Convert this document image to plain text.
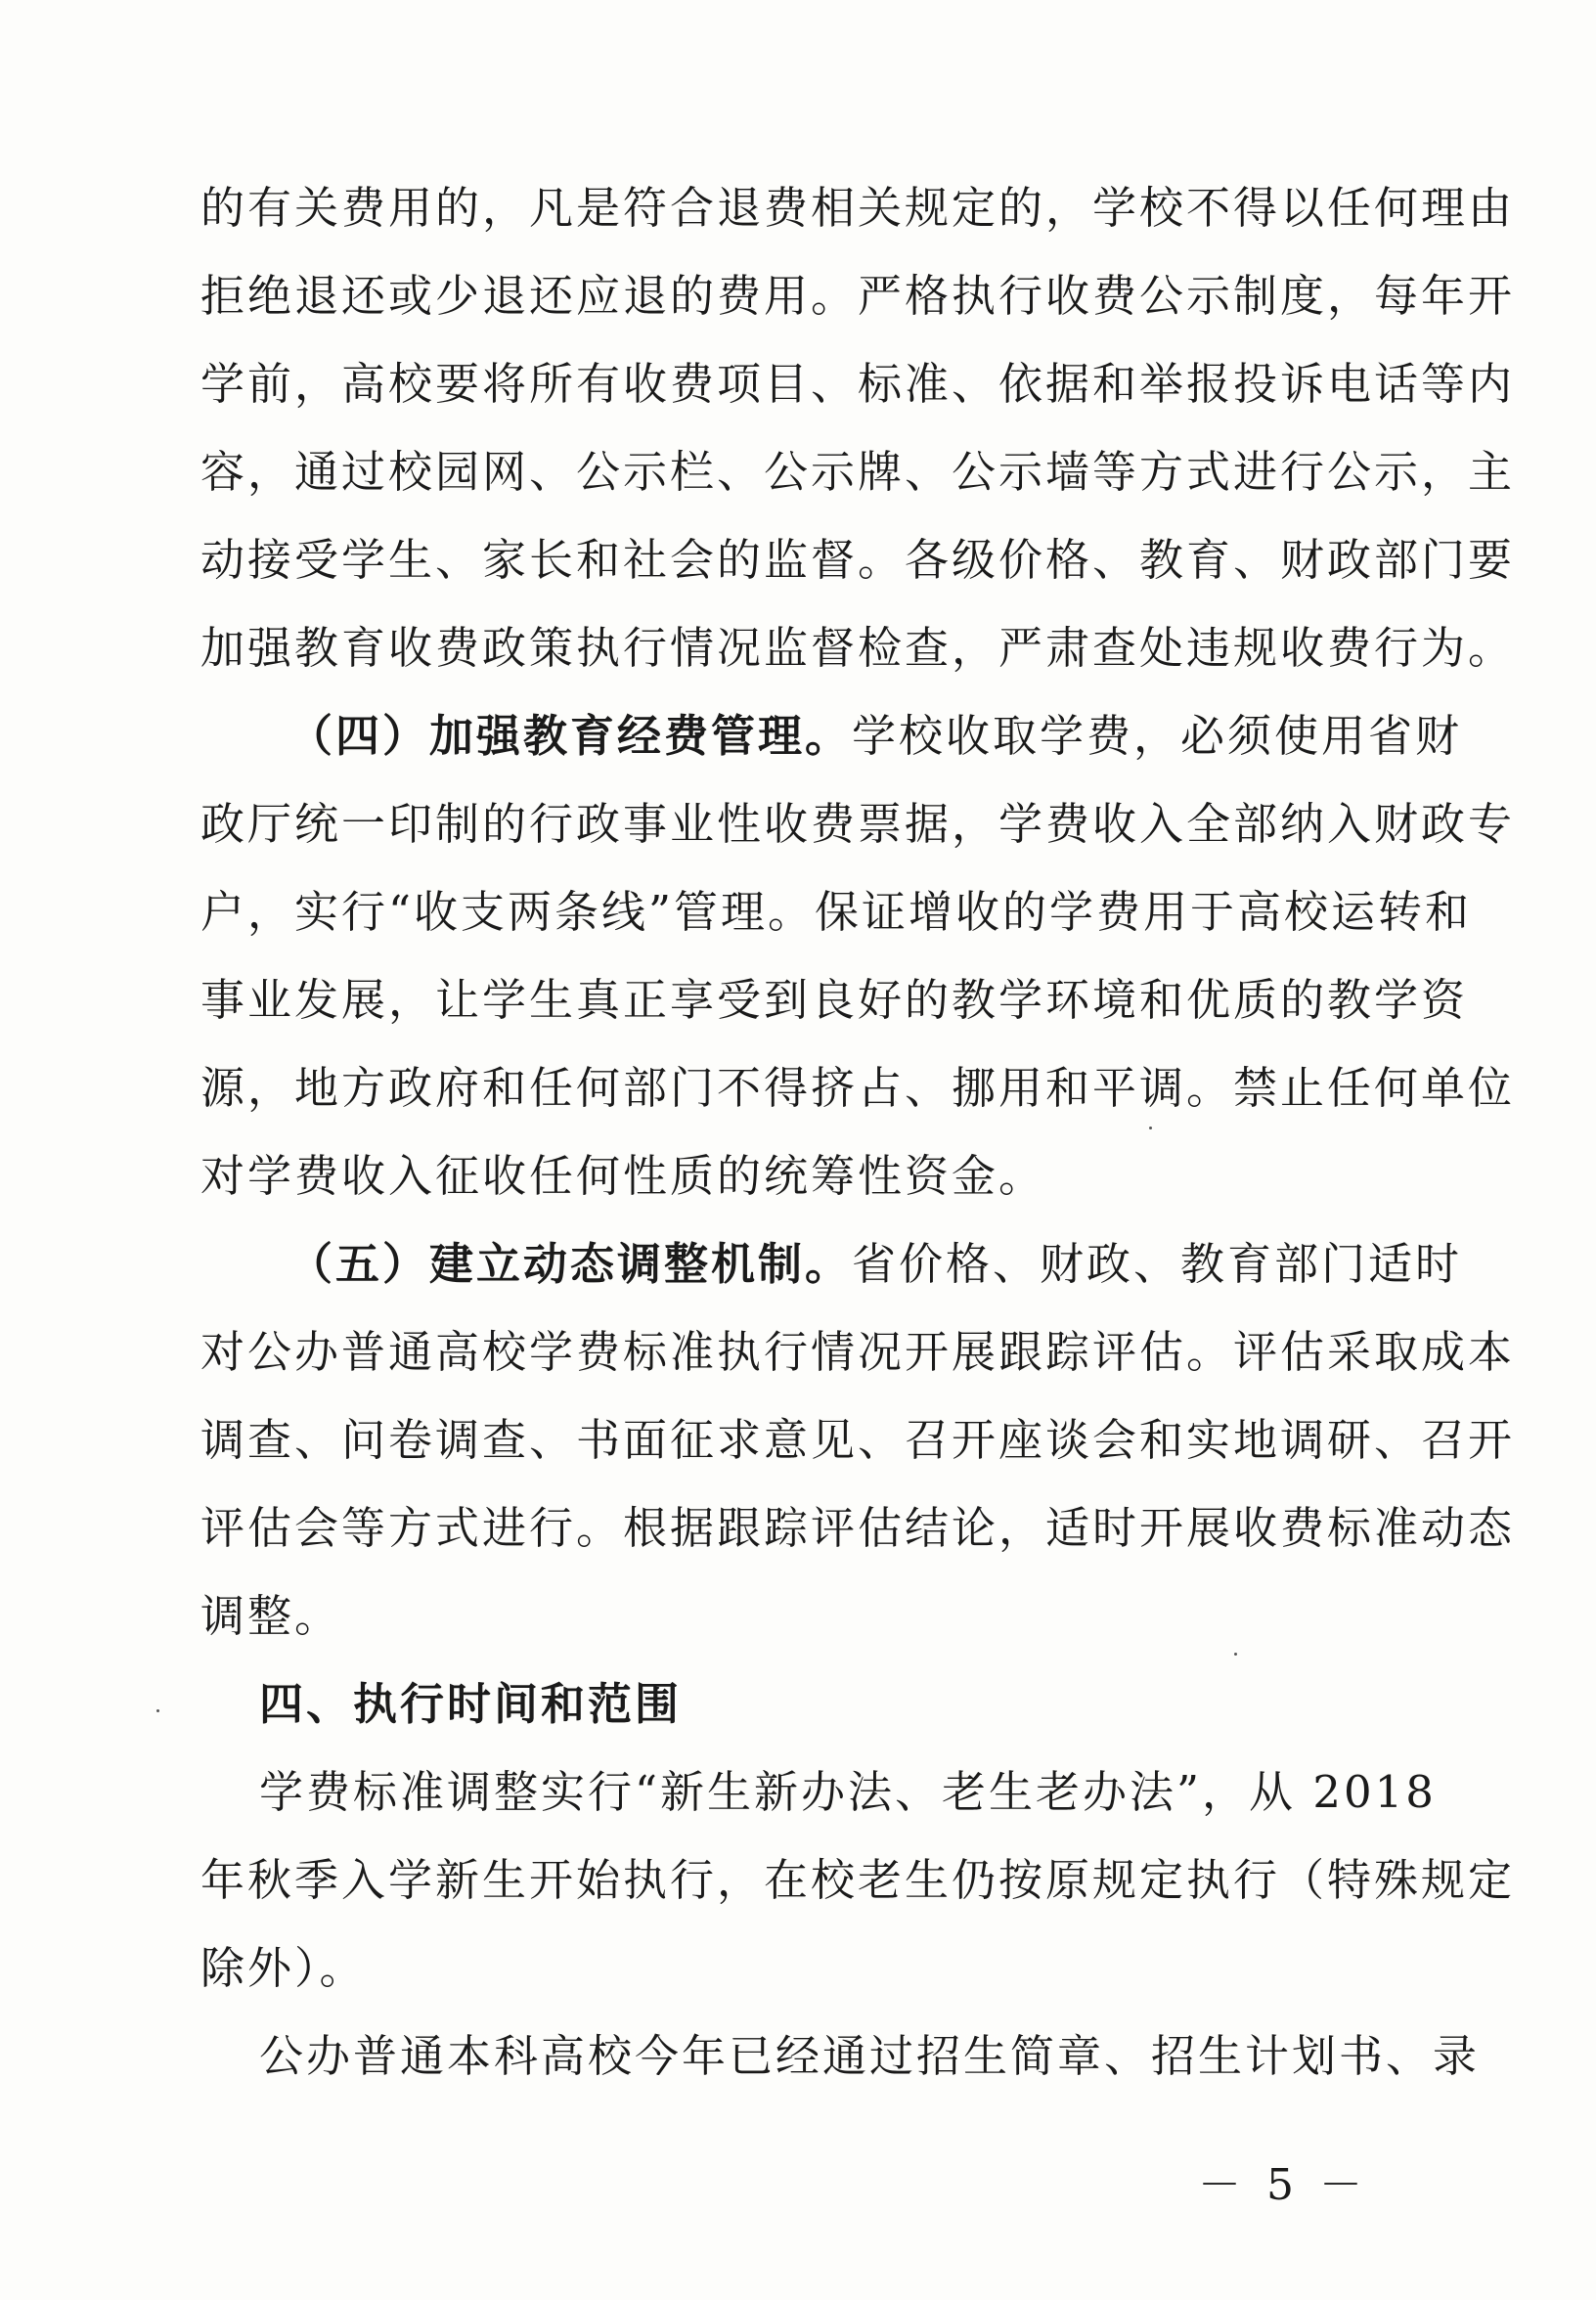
的有关费用的，凡是符合退费相关规定的，学校不得以任何理由
拒绝退还或少退还应退的费用。严格执行收费公示制度，每年开
学前，高校要将所有收费项目、标准、依据和举报投诉电话等内
容，通过校园网、公示栏、公示牌、公示墙等方式进行公示，主
动接受学生、家长和社会的监督。各级价格、教育、财政部门要
加强教育收费政策执行情况监督检查，严肃查处违规收费行为。
（四）加强教育经费管理。学校收取学费，必须使用省财
政厅统一印制的行政事业性收费票据，学费收入全部纳入财政专
户，实行“收支两条线”管理。保证增收的学费用于高校运转和
事业发展，让学生真正享受到良好的教学环境和优质的教学资
源，地方政府和任何部门不得挤占、挪用和平调。禁止任何单位
对学费收入征收任何性质的统筹性资金。
（五）建立动态调整机制。省价格、财政、教育部门适时
对公办普通高校学费标准执行情况开展跟踪评估。评估采取成本
调查、问卷调查、书面征求意见、召开座谈会和实地调研、召开
评估会等方式进行。根据跟踪评估结论，适时开展收费标准动态
调整。
四、执行时间和范围
学费标准调整实行“新生新办法、老生老办法”，从 2018
年秋季入学新生开始执行，在校老生仍按原规定执行（特殊规定
除外）。
公办普通本科高校今年已经通过招生简章、招生计划书、录
－ 5 －
